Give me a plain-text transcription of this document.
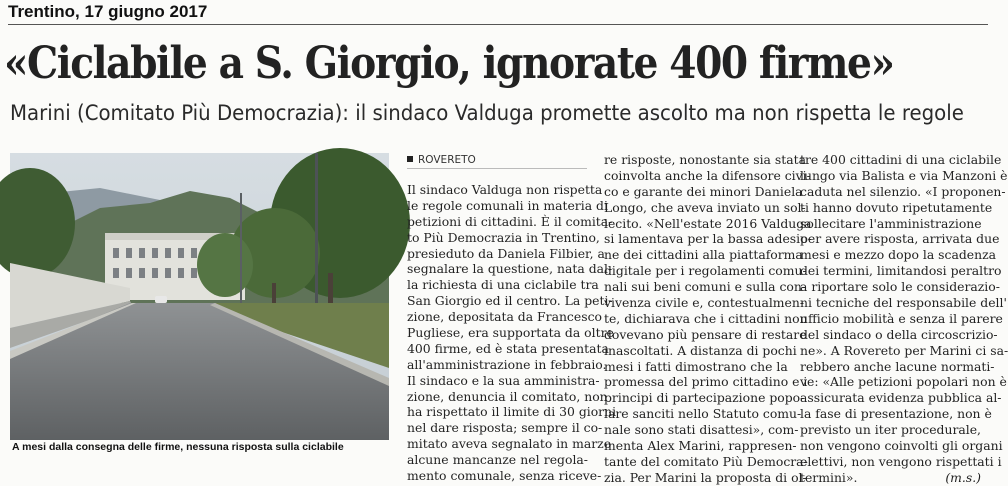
Trentino, 17 giugno 2017
«Ciclabile a S. Giorgio, ignorate 400 firme»
Marini (Comitato Più Democrazia): il sindaco Valduga promette ascolto ma non rispetta le regole
A mesi dalla consegna delle firme, nessuna risposta sulla ciclabile
ROVERETO
Il sindaco Valduga non rispetta
le regole comunali in materia di
petizioni di cittadini. È il comita-
to Più Democrazia in Trentino,
presieduto da Daniela Filbier, a
segnalare la questione, nata dal-
la richiesta di una ciclabile tra
San Giorgio ed il centro. La peti-
zione, depositata da Francesco
Pugliese, era supportata da oltre
400 firme, ed è stata presentata
all'amministrazione in febbraio.
Il sindaco e la sua amministra-
zione, denuncia il comitato, non
ha rispettato il limite di 30 giorni
nel dare risposta; sempre il co-
mitato aveva segnalato in marzo
alcune mancanze nel regola-
mento comunale, senza riceve-
re risposte, nonostante sia stata
coinvolta anche la difensore civi-
co e garante dei minori Daniela
Longo, che aveva inviato un sol-
lecito. «Nell'estate 2016 Valduga
si lamentava per la bassa adesio-
ne dei cittadini alla piattaforma
digitale per i regolamenti comu-
nali sui beni comuni e sulla con-
vivenza civile e, contestualmen-
te, dichiarava che i cittadini non
dovevano più pensare di restare
inascoltati. A distanza di pochi
mesi i fatti dimostrano che la
promessa del primo cittadino e i
principi di partecipazione popo-
lare sanciti nello Statuto comu-
nale sono stati disattesi», com-
menta Alex Marini, rappresen-
tante del comitato Più Democra-
zia. Per Marini la proposta di ol-
tre 400 cittadini di una ciclabile
lungo via Balista e via Manzoni è
caduta nel silenzio. «I proponen-
ti hanno dovuto ripetutamente
sollecitare l'amministrazione
per avere risposta, arrivata due
mesi e mezzo dopo la scadenza
dei termini, limitandosi peraltro
a riportare solo le considerazio-
ni tecniche del responsabile dell'
ufficio mobilità e senza il parere
del sindaco o della circoscrizio-
ne». A Rovereto per Marini ci sa-
rebbero anche lacune normati-
ve: «Alle petizioni popolari non è
assicurata evidenza pubblica al-
la fase di presentazione, non è
previsto un iter procedurale,
non vengono coinvolti gli organi
elettivi, non vengono rispettati i
termini».	(m.s.)
